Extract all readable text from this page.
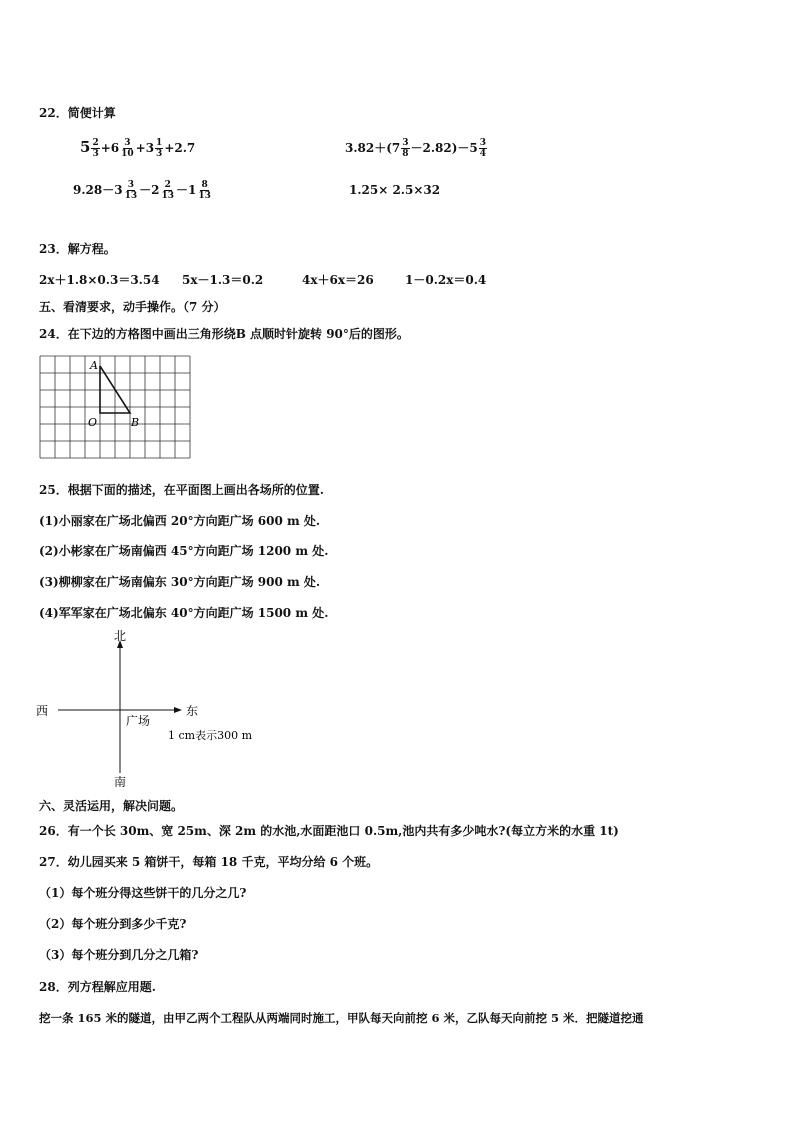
22．简便计算
$5 \frac{2}{3} +6 \frac{3}{10} +3 \frac{1}{3} +2.7$	$3.82+(7 \frac{3}{8} -2.82)-5 \frac{3}{4}$
$9.28-3 \frac{3}{13} -2 \frac{2}{13} -1 \frac{8}{13}$	1.25× 2.5×32
23．解方程。
2x＋1.8×0.3＝3.54 5x－1.3＝0.2	4x＋6x＝26	1－0.2x＝0.4
五、看清要求，动手操作。（7 分）
24．在下边的方格图中画出三角形绕B 点顺时针旋转 90°后的图形。
A
O	B
25．根据下面的描述，在平面图上画出各场所的位置.
(1)小丽家在广场北偏西 20°方向距广场 600 m 处.
(2)小彬家在广场南偏西 45°方向距广场 1200 m 处.
(3)柳柳家在广场南偏东 30°方向距广场 900 m 处.
(4)军军家在广场北偏东 40°方向距广场 1500 m 处.
北
南
西	东
广场
1 cm表示300 m
六、灵活运用，解决问题。
26．有一个长 30m、宽 25m、深 2m 的水池,水面距池口 0.5m,池内共有多少吨水?(每立方米的水重 1t)
27．幼儿园买来 5 箱饼干，每箱 18 千克，平均分给 6 个班。
（1）每个班分得这些饼干的几分之几?
（2）每个班分到多少千克?
（3）每个班分到几分之几箱?
28．列方程解应用题.
挖一条 165 米的隧道，由甲乙两个工程队从两端同时施工，甲队每天向前挖 6 米，乙队每天向前挖 5 米．把隧道挖通
